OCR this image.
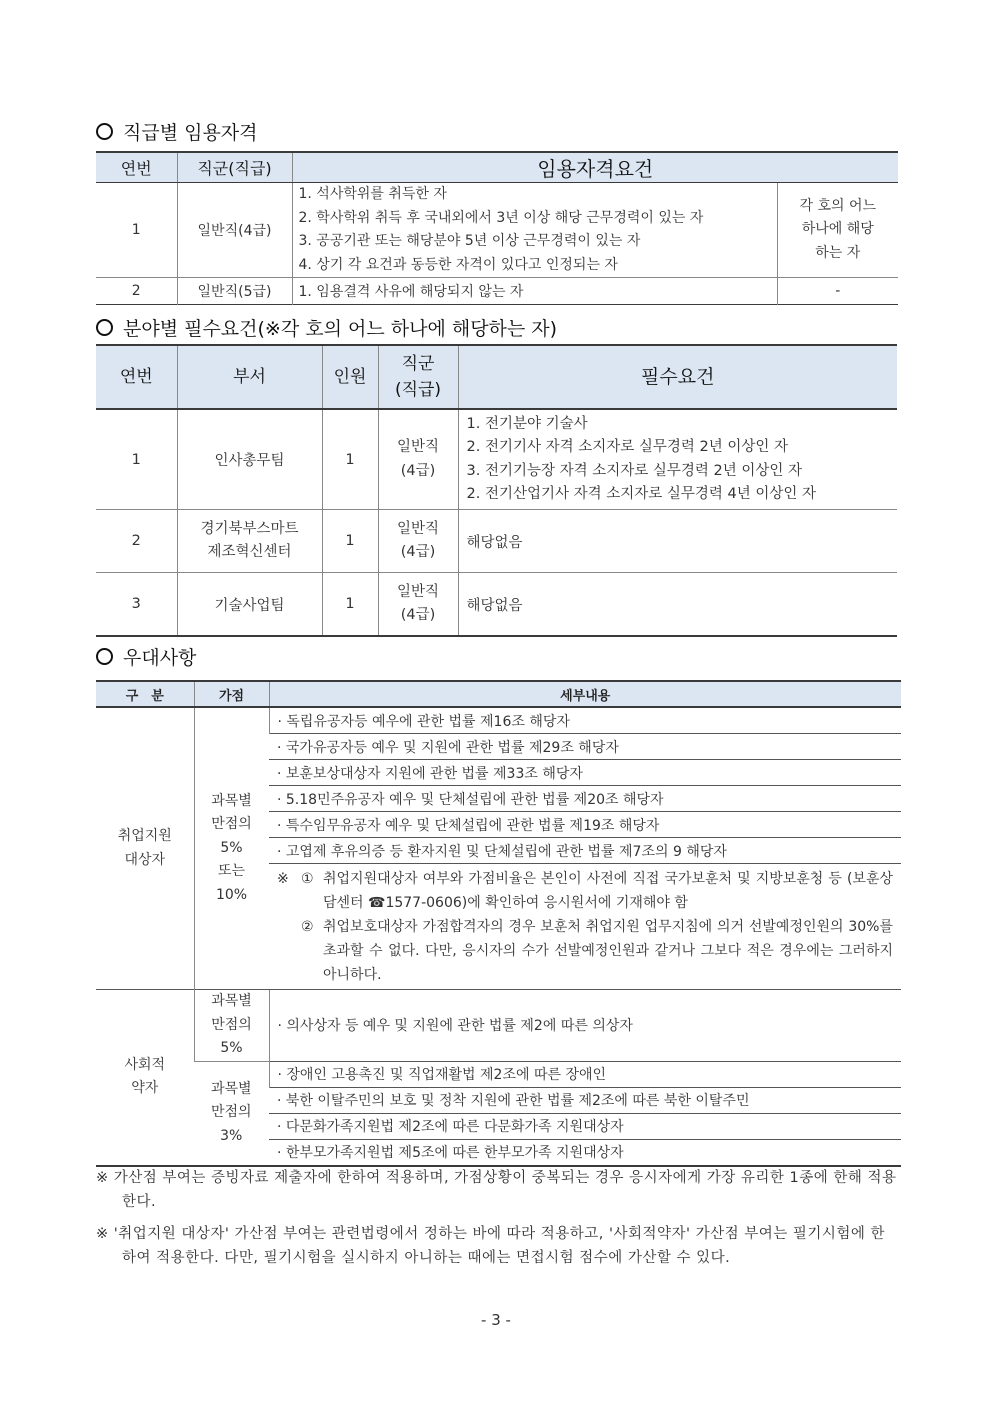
직급별 임용자격
연번	직군(직급)	임용자격요건	
1	일반직(4급)	1. 석사학위를 취득한 자
2. 학사학위 취득 후 국내외에서 3년 이상 해당 근무경력이 있는 자
3. 공공기관 또는 해당분야 5년 이상 근무경력이 있는 자
4. 상기 각 요건과 동등한 자격이 있다고 인정되는 자	각 호의 어느
하나에 해당
하는 자

2	일반직(5급)	1. 임용결격 사유에 해당되지 않는 자	-
분야별 필수요건(※각 호의 어느 하나에 해당하는 자)
연번	부서	인원	직군
(직급)	필수요건
1	인사총무팀	1	일반직
(4급)	1. 전기분야 기술사
2. 전기기사 자격 소지자로 실무경력 2년 이상인 자
3. 전기기능장 자격 소지자로 실무경력 2년 이상인 자
2. 전기산업기사 자격 소지자로 실무경력 4년 이상인 자

2	경기북부스마트
제조혁신센터	1	일반직
(4급)	해당없음
3	기술사업팀	1	일반직
(4급)	해당없음
우대사항
구　분	가점	세부내용

취업지원
대상자	과목별
만점의
5%
또는
10%	· 독립유공자등 예우에 관한 법률 제16조 해당자
		· 국가유공자등 예우 및 지원에 관한 법률 제29조 해당자
		· 보훈보상대상자 지원에 관한 법률 제33조 해당자
		· 5.18민주유공자 예우 및 단체설립에 관한 법률 제20조 해당자
		· 특수임무유공자 예우 및 단체설립에 관한 법률 제19조 해당자
		· 고엽제 후유의증 등 환자지원 및 단체설립에 관한 법률 제7조의 9 해당자

		※ ① 취업지원대상자 여부와 가점비율은 본인이 사전에 직접 국가보훈처 및 지방보훈청 등 (보훈상담센터 ☎1577-0606)에 확인하여 응시원서에 기재해야 함
② 취업보호대상자 가점합격자의 경우 보훈처 취업지원 업무지침에 의거 선발예정인원의 30%를 초과할 수 없다. 다만, 응시자의 수가 선발예정인원과 같거나 그보다 적은 경우에는 그러하지 아니하다.

사회적
약자	과목별
만점의
5%	· 의사상자 등 예우 및 지원에 관한 법률 제2에 따른 의상자

	과목별
만점의
3%	· 장애인 고용촉진 및 직업재활법 제2조에 따른 장애인
		· 북한 이탈주민의 보호 및 정착 지원에 관한 법률 제2조에 따른 북한 이탈주민
		· 다문화가족지원법 제2조에 따른 다문화가족 지원대상자
		· 한부모가족지원법 제5조에 따른 한부모가족 지원대상자
※ 가산점 부여는 증빙자료 제출자에 한하여 적용하며, 가점상황이 중복되는 경우 응시자에게 가장 유리한 1종에 한해 적용한다.
※ '취업지원 대상자' 가산점 부여는 관련법령에서 정하는 바에 따라 적용하고, '사회적약자' 가산점 부여는 필기시험에 한하여 적용한다. 다만, 필기시험을 실시하지 아니하는 때에는 면접시험 점수에 가산할 수 있다.
- 3 -
